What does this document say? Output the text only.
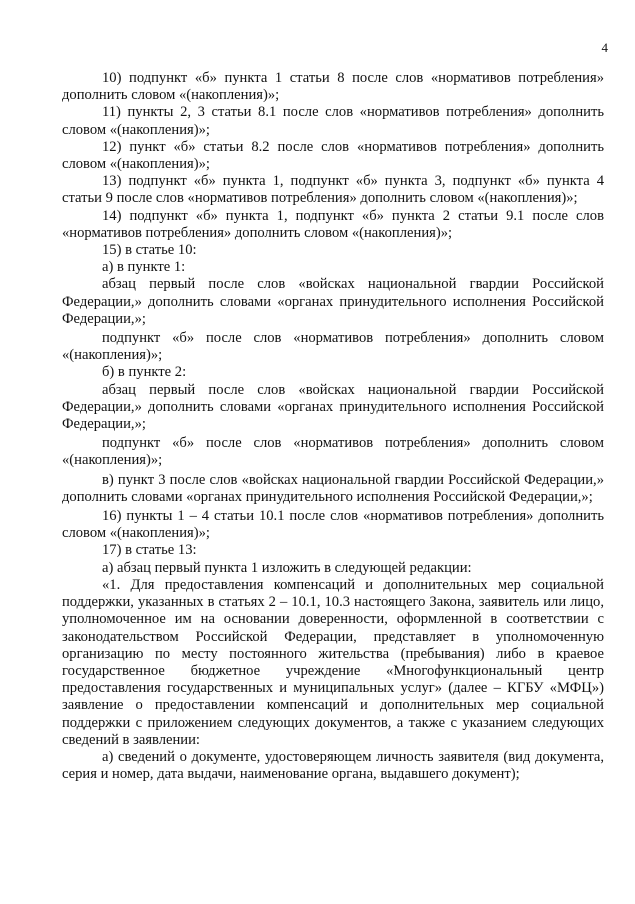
4

10) подпункт «б» пункта 1 статьи 8 после слов «нормативов потребления» дополнить словом «(накопления)»;

11) пункты 2, 3 статьи 8.1 после слов «нормативов потребления» дополнить словом «(накопления)»;

12) пункт «б» статьи 8.2 после слов «нормативов потребления» дополнить словом «(накопления)»;

13) подпункт «б» пункта 1, подпункт «б» пункта 3, подпункт «б» пункта 4 статьи 9 после слов «нормативов потребления» дополнить словом «(накопления)»;

14) подпункт «б» пункта 1, подпункт «б» пункта 2 статьи 9.1 после слов «нормативов потребления» дополнить словом «(накопления)»;

15) в статье 10:

а) в пункте 1:

абзац первый после слов «войсках национальной гвардии Российской Федерации,» дополнить словами «органах принудительного исполнения Российской Федерации,»;

подпункт «б» после слов «нормативов потребления» дополнить словом «(накопления)»;

б) в пункте 2:

абзац первый после слов «войсках национальной гвардии Российской Федерации,» дополнить словами «органах принудительного исполнения Российской Федерации,»;

подпункт «б» после слов «нормативов потребления» дополнить словом «(накопления)»;

в) пункт 3 после слов «войсках национальной гвардии Российской Федерации,» дополнить словами «органах принудительного исполнения Российской Федерации,»;

16) пункты 1 – 4 статьи 10.1 после слов «нормативов потребления» дополнить словом «(накопления)»;

17) в статье 13:

а) абзац первый пункта 1 изложить в следующей редакции:

«1. Для предоставления компенсаций и дополнительных мер социальной поддержки, указанных в статьях 2 – 10.1, 10.3 настоящего Закона, заявитель или лицо, уполномоченное им на основании доверенности, оформленной в соответствии с законодательством Российской Федерации, представляет в уполномоченную организацию по месту постоянного жительства (пребывания) либо в краевое государственное бюджетное учреждение «Многофункциональный центр предоставления государственных и муниципальных услуг» (далее – КГБУ «МФЦ») заявление о предоставлении компенсаций и дополнительных мер социальной поддержки с приложением следующих документов, а также с указанием следующих сведений в заявлении:

а) сведений о документе, удостоверяющем личность заявителя (вид документа, серия и номер, дата выдачи, наименование органа, выдавшего документ);
